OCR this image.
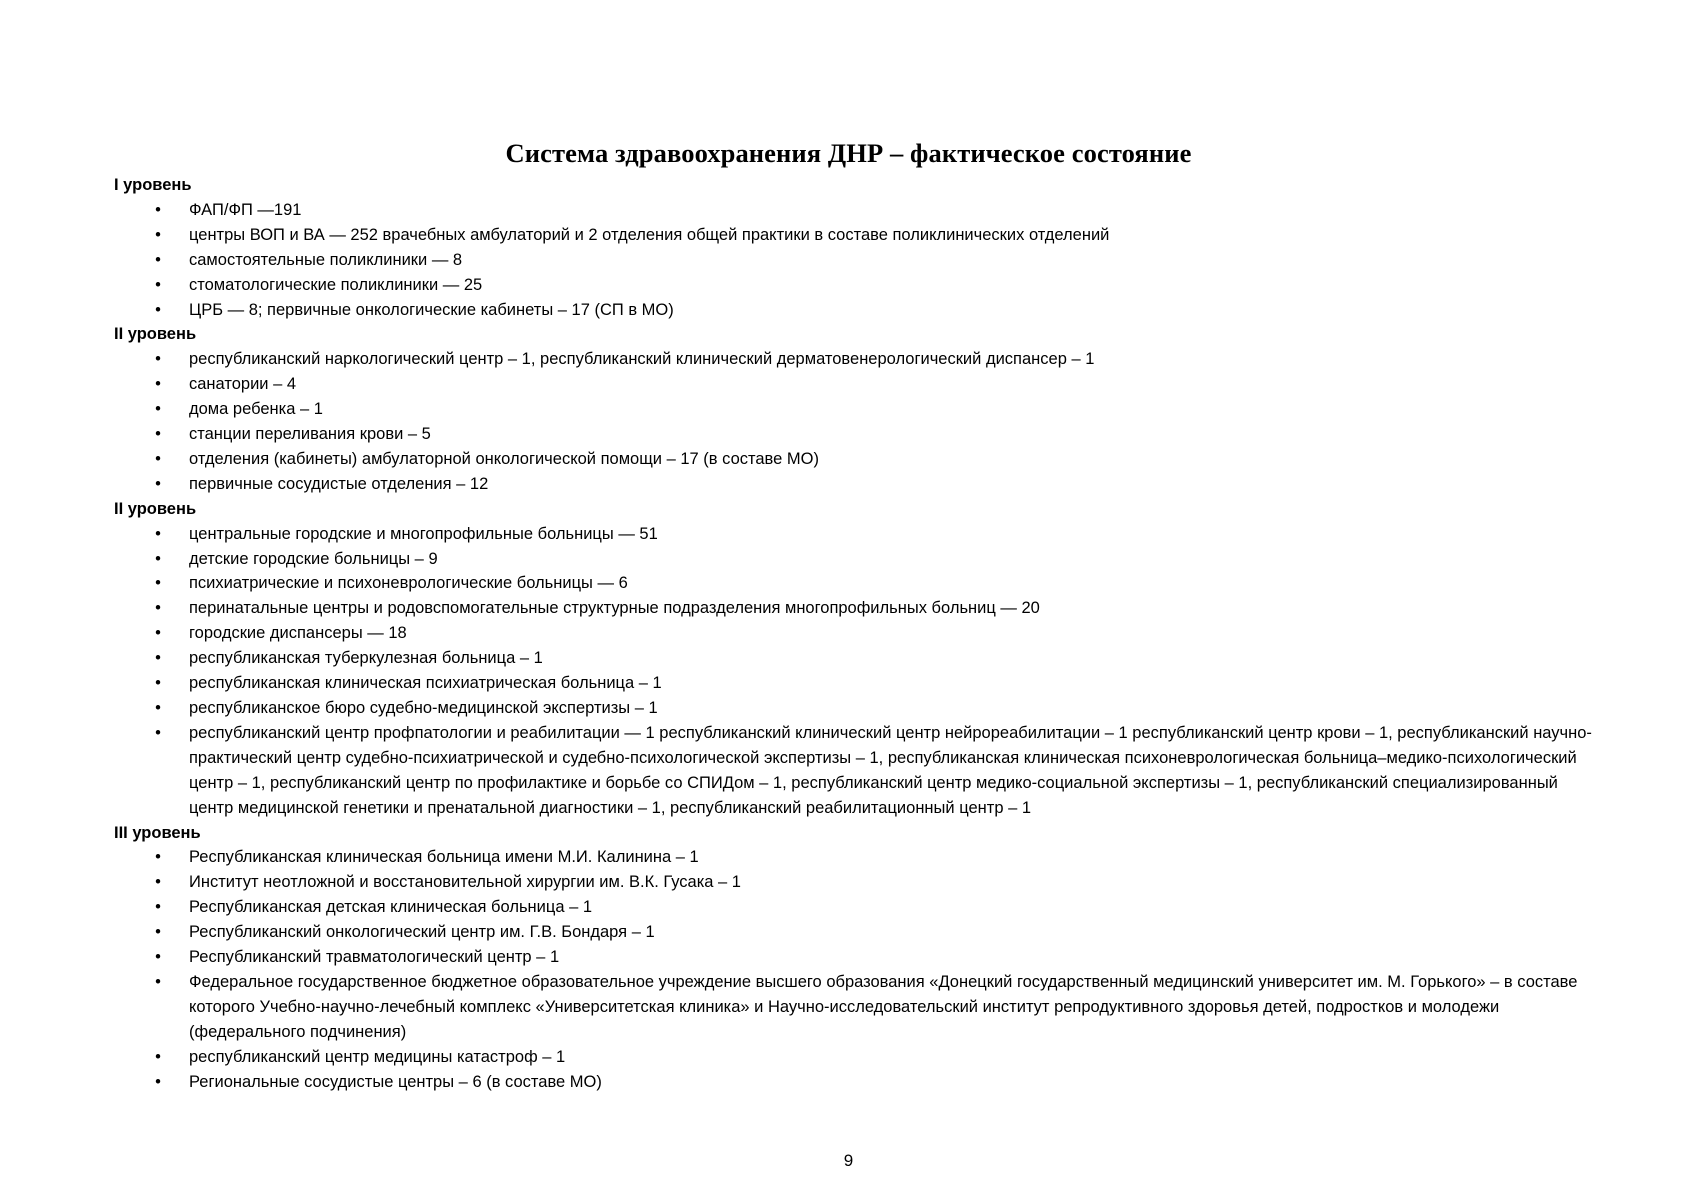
Система здравоохранения ДНР – фактическое состояние
I уровень
• ФАП/ФП —191
• центры ВОП и ВА — 252 врачебных амбулаторий и 2 отделения общей практики в составе поликлинических отделений
• самостоятельные поликлиники — 8
• стоматологические поликлиники — 25
• ЦРБ — 8; первичные онкологические кабинеты – 17 (СП в МО)
II уровень
• республиканский наркологический центр – 1, республиканский клинический дерматовенерологический диспансер – 1
• санатории – 4
• дома ребенка – 1
• станции переливания крови – 5
• отделения (кабинеты) амбулаторной онкологической помощи – 17 (в составе МО)
• первичные сосудистые отделения – 12
II уровень
• центральные городские и многопрофильные больницы — 51
• детские городские больницы – 9
• психиатрические и психоневрологические больницы — 6
• перинатальные центры и родовспомогательные структурные подразделения многопрофильных больниц — 20
• городские диспансеры — 18
• республиканская туберкулезная больница – 1
• республиканская клиническая психиатрическая больница – 1
• республиканское бюро судебно-медицинской экспертизы – 1
• республиканский центр профпатологии и реабилитации — 1 республиканский клинический центр нейрореабилитации – 1 республиканский центр крови – 1, республиканский научно-практический центр судебно-психиатрической и судебно-психологической экспертизы – 1, республиканская клиническая психоневрологическая больница–медико-психологический центр – 1, республиканский центр по профилактике и борьбе со СПИДом – 1, республиканский центр медико-социальной экспертизы – 1, республиканский специализированный центр медицинской генетики и пренатальной диагностики – 1, республиканский реабилитационный центр – 1
III уровень
• Республиканская клиническая больница имени М.И. Калинина – 1
• Институт неотложной и восстановительной хирургии им. В.К. Гусака – 1
• Республиканская детская клиническая больница – 1
• Республиканский онкологический центр им. Г.В. Бондаря – 1
• Республиканский травматологический центр – 1
• Федеральное государственное бюджетное образовательное учреждение высшего образования «Донецкий государственный медицинский университет им. М. Горького» – в составе которого Учебно-научно-лечебный комплекс «Университетская клиника» и Научно-исследовательский институт репродуктивного здоровья детей, подростков и молодежи (федерального подчинения)
• республиканский центр медицины катастроф – 1
• Региональные сосудистые центры – 6 (в составе МО)
9
